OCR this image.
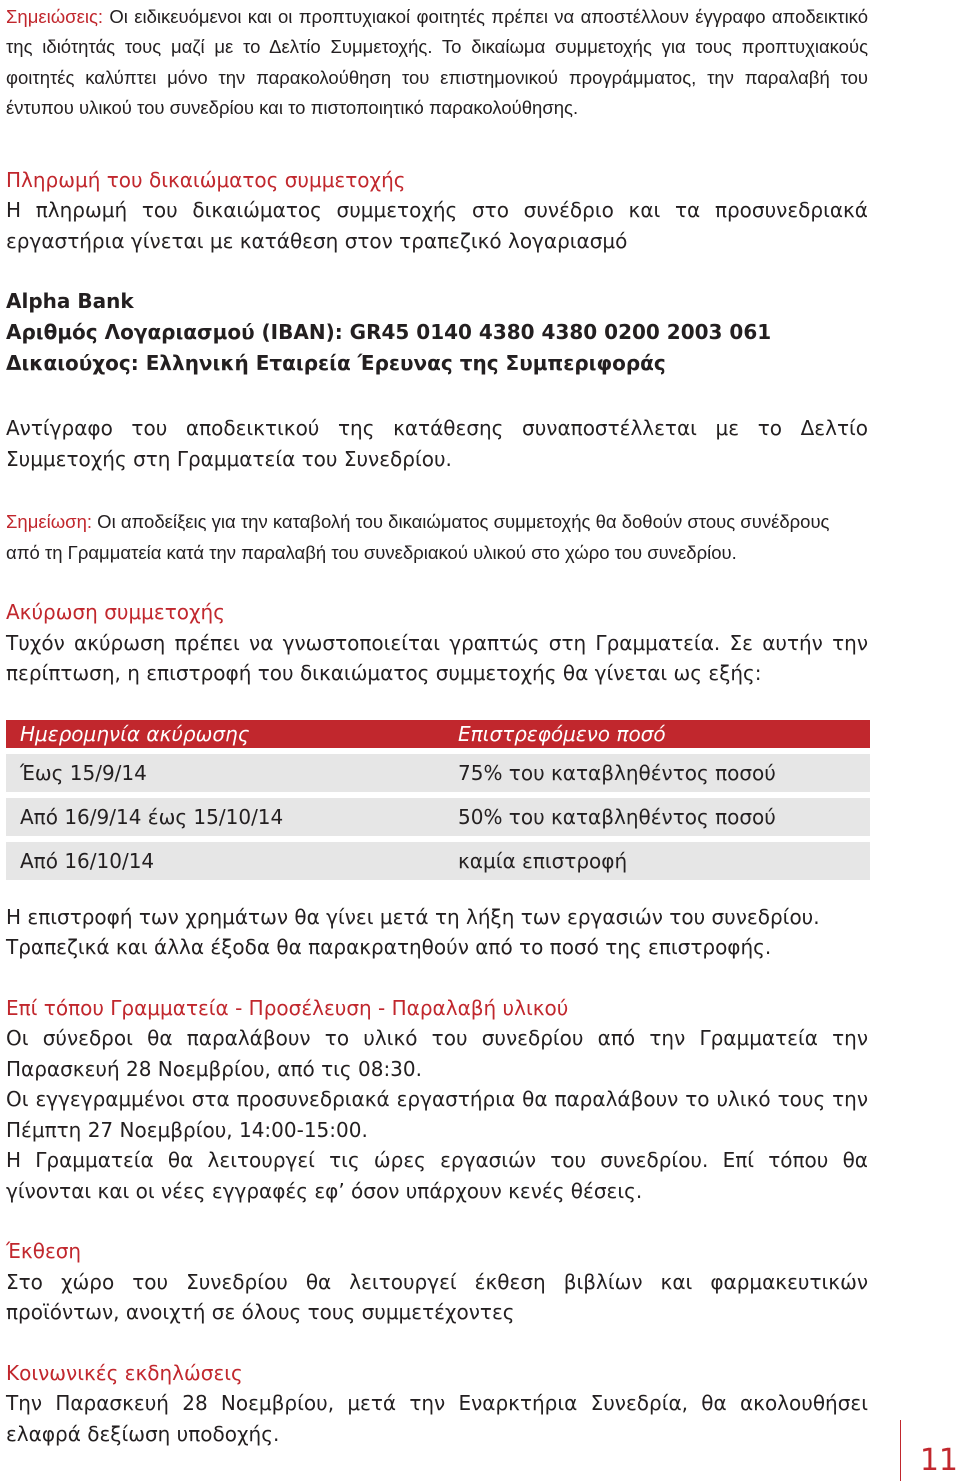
Σημειώσεις: Οι ειδικευόμενοι και οι προπτυχιακοί φοιτητές πρέπει να αποστέλλουν έγγραφο αποδεικτικό της ιδιότητάς τους μαζί με το Δελτίο Συμμετοχής. Το δικαίωμα συμμετοχής για τους προπτυχιακούς φοιτητές καλύπτει μόνο την παρακολούθηση του επιστημονικού προγράμματος, την παραλαβή του έντυπου υλικού του συνεδρίου και το πιστοποιητικό παρακολούθησης.

Πληρωμή του δικαιώματος συμμετοχής

Η πληρωμή του δικαιώματος συμμετοχής στο συνέδριο και τα προσυνεδριακά εργαστήρια γίνεται με κατάθεση στον τραπεζικό λογαριασμό

Alpha Bank
Αριθμός Λογαριασμού (IBAN): GR45 0140 4380 4380 0200 2003 061
Δικαιούχος: Ελληνική Εταιρεία Έρευνας της Συμπεριφοράς

Αντίγραφο του αποδεικτικού της κατάθεσης συναποστέλλεται με το Δελτίο Συμμετοχής στη Γραμματεία του Συνεδρίου.

Σημείωση: Οι αποδείξεις για την καταβολή του δικαιώματος συμμετοχής θα δοθούν στους συνέδρους από τη Γραμματεία κατά την παραλαβή του συνεδριακού υλικού στο χώρο του συνεδρίου.

Ακύρωση συμμετοχής

Τυχόν ακύρωση πρέπει να γνωστοποιείται γραπτώς στη Γραμματεία. Σε αυτήν την περίπτωση, η επιστροφή του δικαιώματος συμμετοχής θα γίνεται ως εξής:

Ημερομηνία ακύρωσης	Επιστρεφόμενο ποσό
Έως 15/9/14	75% του καταβληθέντος ποσού
Από 16/9/14 έως 15/10/14	50% του καταβληθέντος ποσού
Από 16/10/14	καμία επιστροφή
Η επιστροφή των χρημάτων θα γίνει μετά τη λήξη των εργασιών του συνεδρίου.
Τραπεζικά και άλλα έξοδα θα παρακρατηθούν από το ποσό της επιστροφής.
Επί τόπου Γραμματεία - Προσέλευση - Παραλαβή υλικού

Οι σύνεδροι θα παραλάβουν το υλικό του συνεδρίου από την Γραμματεία την Παρασκευή 28 Νοεμβρίου, από τις 08:30.

Οι εγγεγραμμένοι στα προσυνεδριακά εργαστήρια θα παραλάβουν το υλικό τους την Πέμπτη 27 Νοεμβρίου, 14:00-15:00.

Η Γραμματεία θα λειτουργεί τις ώρες εργασιών του συνεδρίου. Επί τόπου θα γίνονται και οι νέες εγγραφές εφ’ όσον υπάρχουν κενές θέσεις.

Έκθεση

Στο χώρο του Συνεδρίου θα λειτουργεί έκθεση βιβλίων και φαρμακευτικών προϊόντων, ανοιχτή σε όλους τους συμμετέχοντες

Κοινωνικές εκδηλώσεις

Την Παρασκευή 28 Νοεμβρίου, μετά την Εναρκτήρια Συνεδρία, θα ακολουθήσει ελαφρά δεξίωση υποδοχής.

11
